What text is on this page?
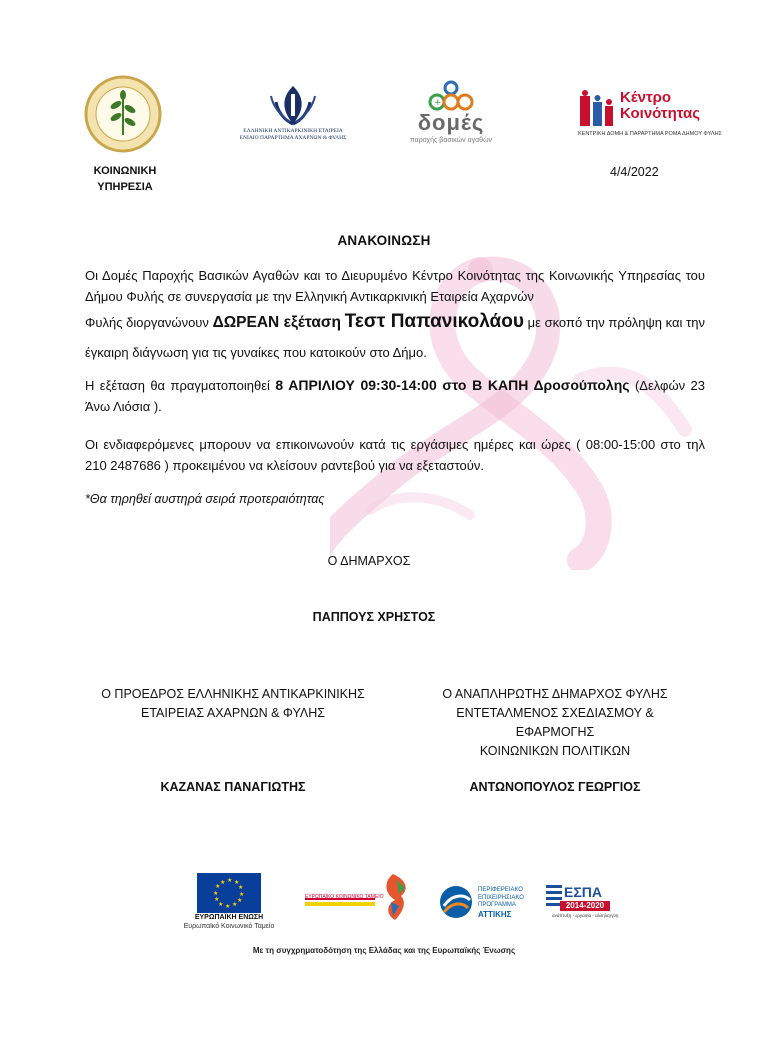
ΕΛΛΗΝΙΚΗ ΑΝΤΙΚΑΡΚΙΝΙΚΗ ΕΤΑΙΡΕΙΑ
ΕΝΙΑΙΟ ΠΑΡΑΡΤΗΜΑ ΑΧΑΡΝΩΝ & ΦΥΛΗΣ
+
δομές
παροχής βασικών αγαθών
Κέντρο
Κοινότητας
ΚΕΝΤΡΙΚΗ ΔΟΜΗ & ΠΑΡΑΡΤΗΜΑ ΡΟΜΑ ΔΗΜΟΥ ΦΥΛΗΣ
ΚΟΙΝΩΝΙΚΗ
ΥΠΗΡΕΣΙΑ
4/4/2022
ΑΝΑΚΟΙΝΩΣΗ
Οι Δομές Παροχής Βασικών Αγαθών και το Διευρυμένο Κέντρο Κοινότητας της Κοινωνικής Υπηρεσίας του Δήμου Φυλής σε συνεργασία με την Ελληνική Αντικαρκινική Εταιρεία Αχαρνών
Φυλής διοργανώνουν ΔΩΡΕΑΝ εξέταση Τεστ Παπανικολάου με σκοπό την πρόληψη και την έγκαιρη διάγνωση για τις γυναίκες που κατοικούν στο Δήμο.
Η εξέταση θα πραγματοποιηθεί 8 ΑΠΡΙΛΙΟΥ 09:30-14:00 στο Β ΚΑΠΗ Δροσούπολης (Δελφών 23 Άνω Λιόσια ).
Οι ενδιαφερόμενες μπορουν να επικοινωνούν κατά τις εργάσιμες ημέρες και ώρες ( 08:00-15:00 στο τηλ 210 2487686 ) προκειμένου να κλείσουν ραντεβού για να εξεταστούν.
*Θα τηρηθεί αυστηρά σειρά προτεραιότητας
Ο ΔΗΜΑΡΧΟΣ
ΠΑΠΠΟΥΣ ΧΡΗΣΤΟΣ
Ο ΠΡΟΕΔΡΟΣ ΕΛΛΗΝΙΚΗΣ ΑΝΤΙΚΑΡΚΙΝΙΚΗΣ
ΕΤΑΙΡΕΙΑΣ ΑΧΑΡΝΩΝ & ΦΥΛΗΣ
Ο ΑΝΑΠΛΗΡΩΤΗΣ ΔΗΜΑΡΧΟΣ ΦΥΛΗΣ
ΕΝΤΕΤΑΛΜΕΝΟΣ ΣΧΕΔΙΑΣΜΟΥ &
ΕΦΑΡΜΟΓΗΣ
ΚΟΙΝΩΝΙΚΩΝ ΠΟΛΙΤΙΚΩΝ
ΚΑΖΑΝΑΣ ΠΑΝΑΓΙΩΤΗΣ	ΑΝΤΩΝΟΠΟΥΛΟΣ ΓΕΩΡΓΙΟΣ
★ ★
★
★
★
★
★
★
★
★
★
★
ΕΥΡΩΠΑΪΚΗ ΕΝΩΣΗ
Ευρωπαϊκό Κοινωνικό Ταμείο
ΕΥΡΩΠΑΪΚΟ ΚΟΙΝΩΝΙΚΟ ΤΑΜΕΙΟ
ΠΕΡΙΦΕΡΕΙΑΚΟ
ΕΠΙΧΕΙΡΗΣΙΑΚΟ
ΠΡΟΓΡΑΜΜΑ
ΑΤΤΙΚΗΣ
ΕΣΠΑ
2014-2020
ανάπτυξη - εργασία - αλληλεγγύη
Με τη συγχρηματοδότηση της Ελλάδας και της Ευρωπαϊκής Ένωσης
